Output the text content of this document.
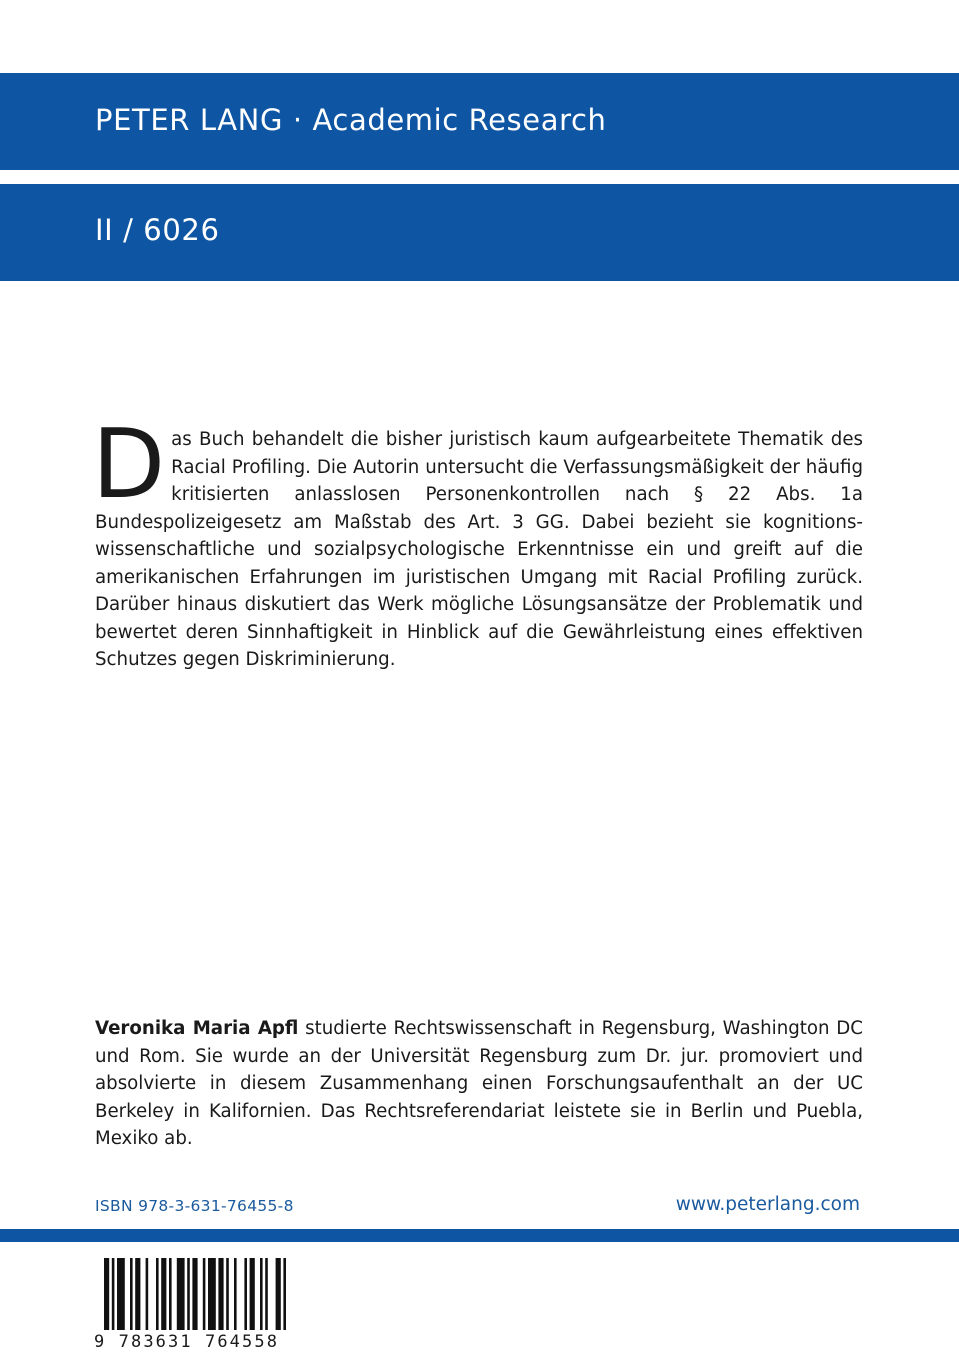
PETER LANG · Academic Research
II / 6026
Das Buch behandelt die bisher juristisch kaum aufgearbeitete Thematik des Racial Profiling. Die Autorin untersucht die Verfassungsmäßigkeit der häufig kritisierten anlasslosen Personenkontrollen nach § 22 Abs. 1a Bundespolizeigesetz am Maßstab des Art. 3 GG. Dabei bezieht sie kognitions-wissenschaftliche und sozialpsychologische Erkenntnisse ein und greift auf die amerikanischen Erfahrungen im juristischen Umgang mit Racial Profiling zurück. Darüber hinaus diskutiert das Werk mögliche Lösungsansätze der Problematik und bewertet deren Sinnhaftigkeit in Hinblick auf die Gewährleistung eines effektiven Schutzes gegen Diskriminierung.
Veronika Maria Apfl studierte Rechtswissenschaft in Regensburg, Washington DC und Rom. Sie wurde an der Universität Regensburg zum Dr. jur. promoviert und absolvierte in diesem Zusammenhang einen Forschungsaufenthalt an der UC Berkeley in Kalifornien. Das Rechtsreferendariat leistete sie in Berlin und Puebla, Mexiko ab.
ISBN 978-3-631-76455-8	www.peterlang.com
9 783631 764558
